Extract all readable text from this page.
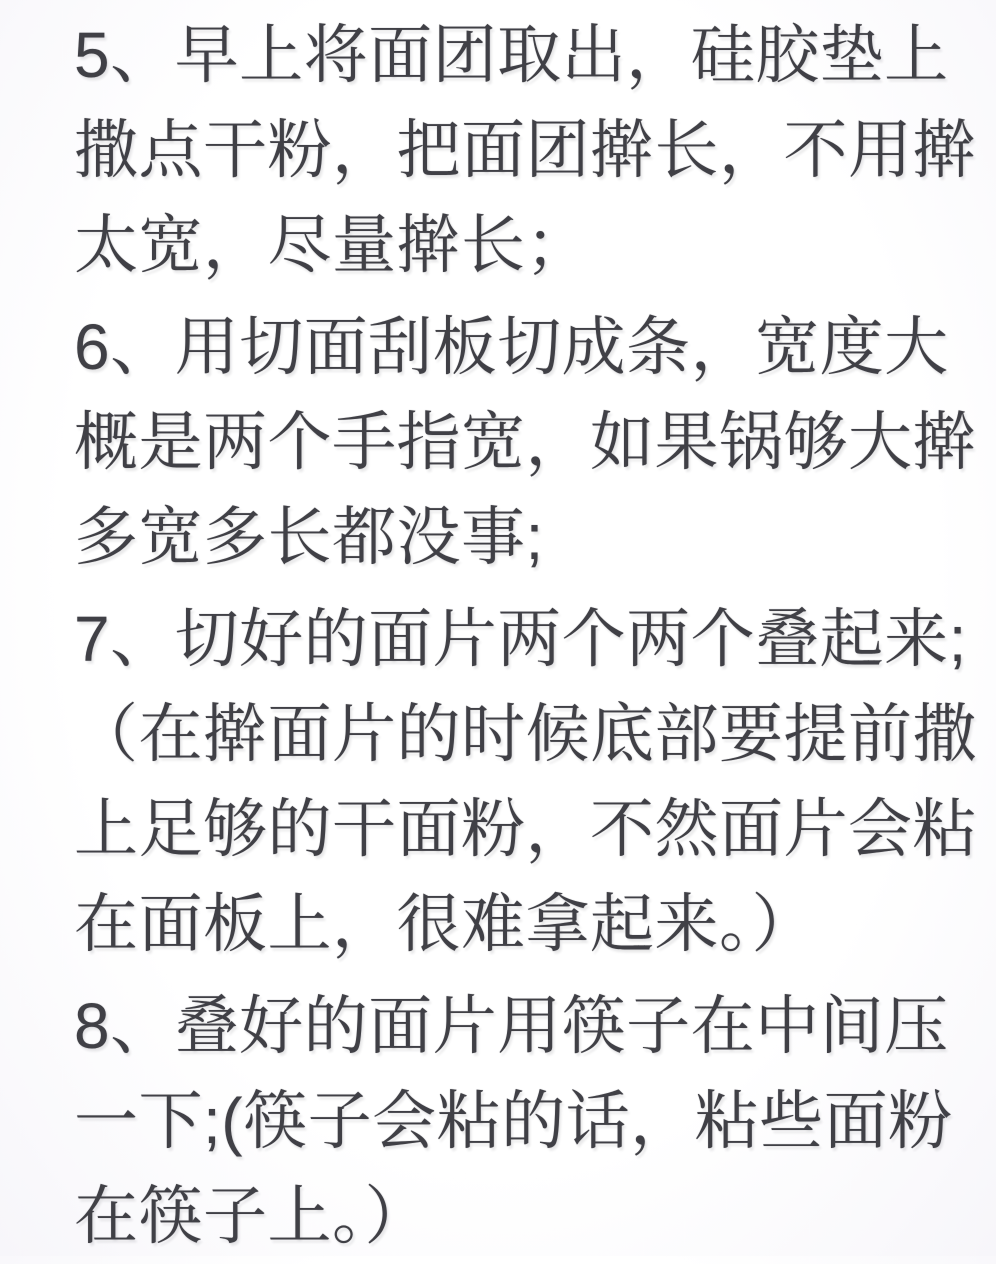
5、早上将面团取出，硅胶垫上
撒点干粉，把面团擀长，不用擀
太宽，尽量擀长；
6、用切面刮板切成条，宽度大
概是两个手指宽，如果锅够大擀
多宽多长都没事;
7、切好的面片两个两个叠起来;
（在擀面片的时候底部要提前撒
上足够的干面粉，不然面片会粘
在面板上，很难拿起来。）
8、叠好的面片用筷子在中间压
一下;(筷子会粘的话，粘些面粉
在筷子上。）
